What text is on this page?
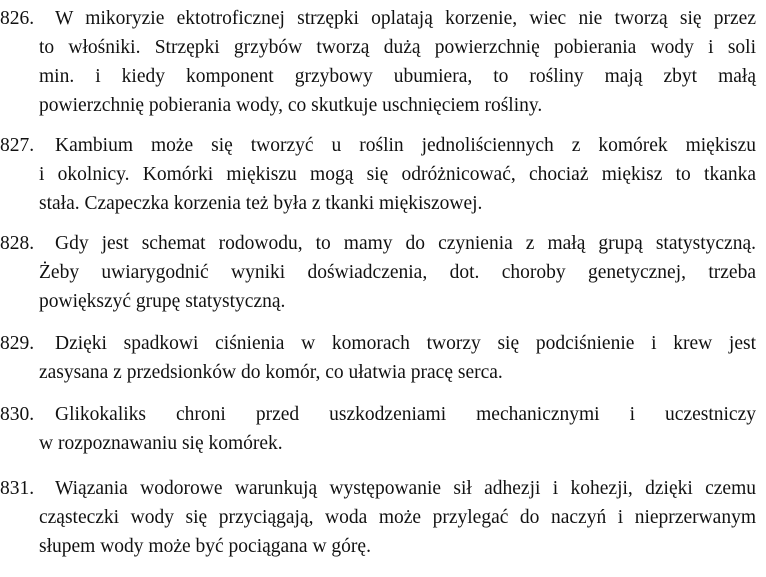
826. W mikoryzie ektotroficznej strzępki oplatają korzenie, wiec nie tworzą się przez
to włośniki. Strzępki grzybów tworzą dużą powierzchnię pobierania wody i soli
min. i kiedy komponent grzybowy ubumiera, to rośliny mają zbyt małą
powierzchnię pobierania wody, co skutkuje uschnięciem rośliny.
827. Kambium może się tworzyć u roślin jednoliściennych z komórek miękiszu
i okolnicy. Komórki miękiszu mogą się odróżnicować, chociaż miękisz to tkanka
stała. Czapeczka korzenia też była z tkanki miękiszowej.
828. Gdy jest schemat rodowodu, to mamy do czynienia z małą grupą statystyczną.
Żeby uwiarygodnić wyniki doświadczenia, dot. choroby genetycznej, trzeba
powiększyć grupę statystyczną.
829. Dzięki spadkowi ciśnienia w komorach tworzy się podciśnienie i krew jest
zasysana z przedsionków do komór, co ułatwia pracę serca.
830. Glikokaliks chroni przed uszkodzeniami mechanicznymi i uczestniczy
w rozpoznawaniu się komórek.
831. Wiązania wodorowe warunkują występowanie sił adhezji i kohezji, dzięki czemu
cząsteczki wody się przyciągają, woda może przylegać do naczyń i nieprzerwanym
słupem wody może być pociągana w górę.
